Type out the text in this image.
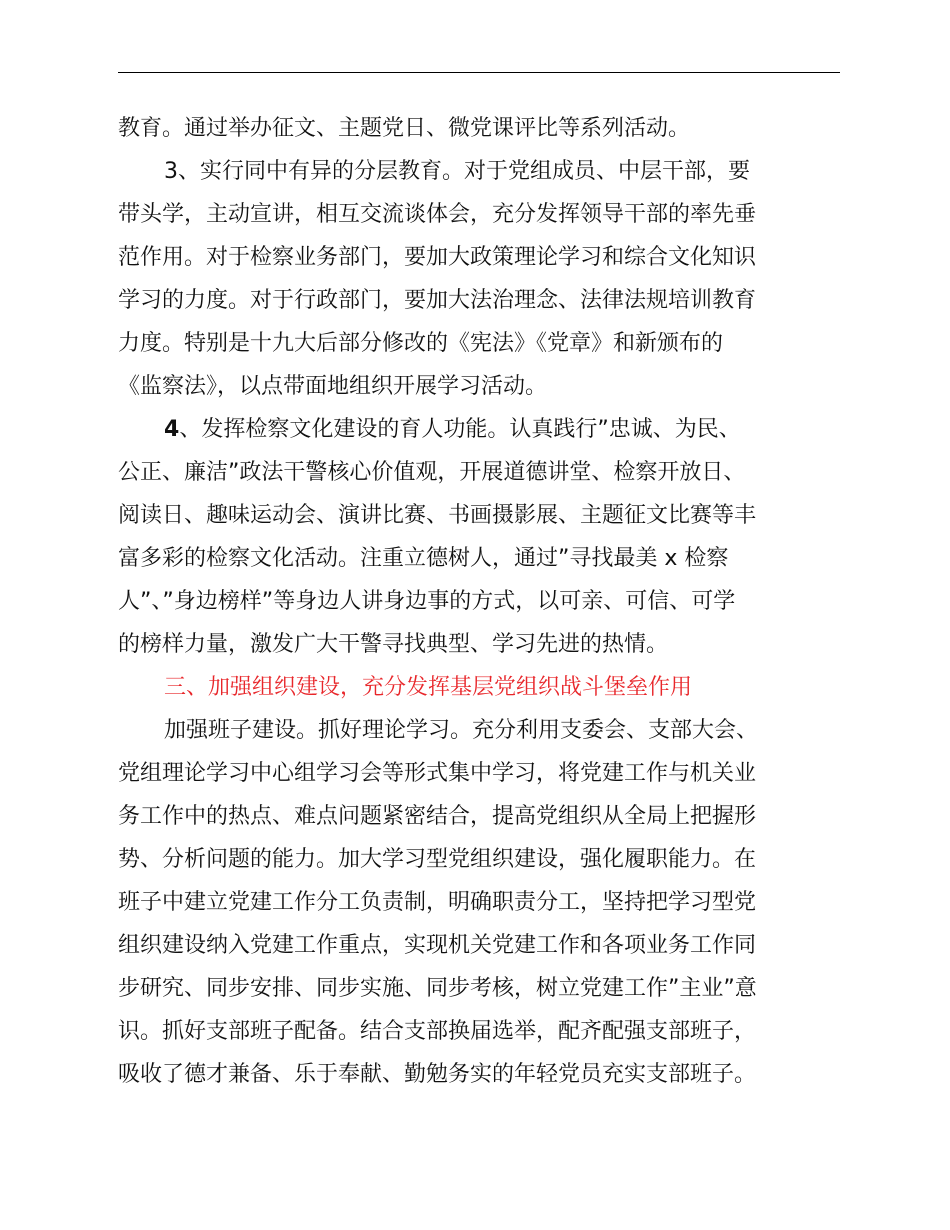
教育。通过举办征文、主题党日、微党课评比等系列活动。
3、实行同中有异的分层教育。对于党组成员、中层干部，要
带头学，主动宣讲，相互交流谈体会，充分发挥领导干部的率先垂
范作用。对于检察业务部门，要加大政策理论学习和综合文化知识
学习的力度。对于行政部门，要加大法治理念、法律法规培训教育
力度。特别是十九大后部分修改的《宪法》《党章》和新颁布的
《监察法》，以点带面地组织开展学习活动。
4、发挥检察文化建设的育人功能。认真践行”忠诚、为民、
公正、廉洁”政法干警核心价值观，开展道德讲堂、检察开放日、
阅读日、趣味运动会、演讲比赛、书画摄影展、主题征文比赛等丰
富多彩的检察文化活动。注重立德树人，通过”寻找最美 x 检察
人”、”身边榜样”等身边人讲身边事的方式，以可亲、可信、可学
的榜样力量，激发广大干警寻找典型、学习先进的热情。
三、加强组织建设，充分发挥基层党组织战斗堡垒作用
加强班子建设。抓好理论学习。充分利用支委会、支部大会、
党组理论学习中心组学习会等形式集中学习，将党建工作与机关业
务工作中的热点、难点问题紧密结合，提高党组织从全局上把握形
势、分析问题的能力。加大学习型党组织建设，强化履职能力。在
班子中建立党建工作分工负责制，明确职责分工，坚持把学习型党
组织建设纳入党建工作重点，实现机关党建工作和各项业务工作同
步研究、同步安排、同步实施、同步考核，树立党建工作”主业”意
识。抓好支部班子配备。结合支部换届选举，配齐配强支部班子，
吸收了德才兼备、乐于奉献、勤勉务实的年轻党员充实支部班子。
